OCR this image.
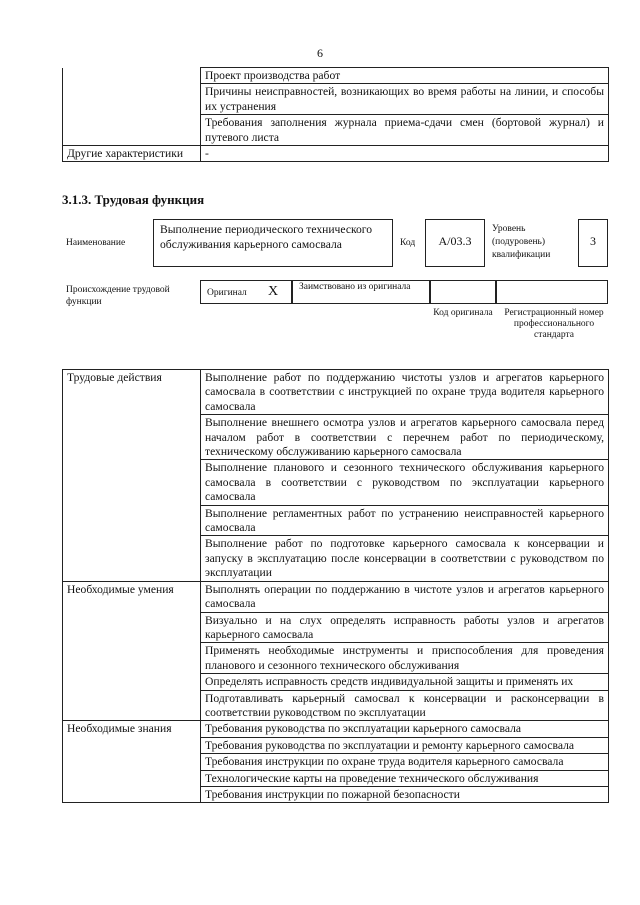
6
	Проект производства работ
	Причины неисправностей, возникающих во время работы на линии, и способы их устранения
	Требования заполнения журнала приема-сдачи смен (бортовой журнал) и путевого листа
Другие характеристики	-
3.1.3. Трудовая функция
Наименование
Выполнение периодического технического обслуживания карьерного самосвала	Код	A/03.3
Уровень (подуровень) квалификации
3
Происхождение трудовой функции
Оригинал X Заимствовано из оригинала
Код оригинала	Регистрационный номер профессионального стандарта
Трудовые действия	Выполнение работ по поддержанию чистоты узлов и агрегатов карьерного самосвала в соответствии с инструкцией по охране труда водителя карьерного самосвала
	Выполнение внешнего осмотра узлов и агрегатов карьерного самосвала перед началом работ в соответствии с перечнем работ по периодическому, техническому обслуживанию карьерного самосвала
	Выполнение планового и сезонного технического обслуживания карьерного самосвала в соответствии с руководством по эксплуатации карьерного самосвала
	Выполнение регламентных работ по устранению неисправностей карьерного самосвала
	Выполнение работ по подготовке карьерного самосвала к консервации и запуску в эксплуатацию после консервации в соответствии с руководством по эксплуатации
Необходимые умения	Выполнять операции по поддержанию в чистоте узлов и агрегатов карьерного самосвала
	Визуально и на слух определять исправность работы узлов и агрегатов карьерного самосвала
	Применять необходимые инструменты и приспособления для проведения планового и сезонного технического обслуживания
	Определять исправность средств индивидуальной защиты и применять их
	Подготавливать карьерный самосвал к консервации и расконсервации в соответствии руководством по эксплуатации
Необходимые знания	Требования руководства по эксплуатации карьерного самосвала
	Требования руководства по эксплуатации и ремонту карьерного самосвала
	Требования инструкции по охране труда водителя карьерного самосвала
	Технологические карты на проведение технического обслуживания
	Требования инструкции по пожарной безопасности
